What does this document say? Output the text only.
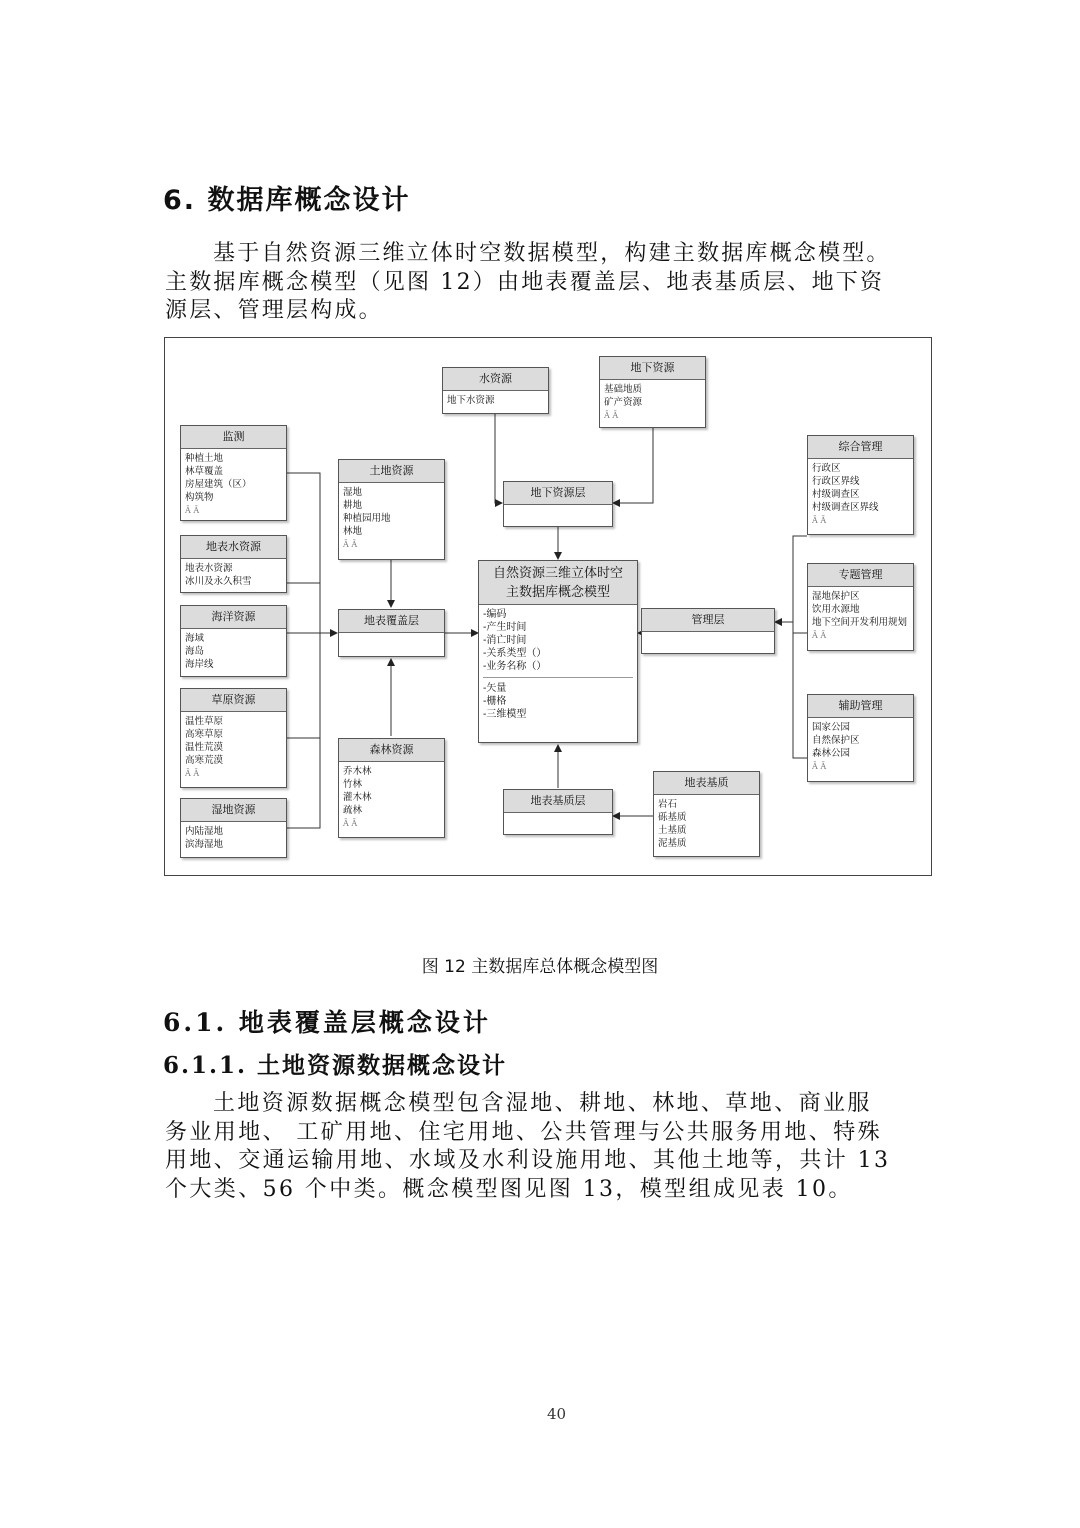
6. 数据库概念设计
基于自然资源三维立体时空数据模型，构建主数据库概念模型。
主数据库概念模型（见图 12）由地表覆盖层、地表基质层、地下资
源层、管理层构成。
监测
种植土地
林草覆盖
房屋建筑（区）
构筑物
Ā Ā
地表水资源
地表水资源
冰川及永久积雪
海洋资源
海域
海岛
海岸线
草原资源
温性草原
高寒草原
温性荒漠
高寒荒漠
Ā Ā
湿地资源
内陆湿地
滨海湿地
土地资源
湿地
耕地
种植园用地
林地
Ā Ā
地表覆盖层
森林资源
乔木林
竹林
灌木林
疏林
Ā Ā
水资源
地下水资源
地下资源
基础地质
矿产资源
Ā Ā
地下资源层
自然资源三维立体时空
主数据库概念模型
-编码
-产生时间
-消亡时间
-关系类型（）
-业务名称（）
-矢量
-栅格
-三维模型
管理层
综合管理
行政区
行政区界线
村级调查区
村级调查区界线
Ā Ā
专题管理
湿地保护区
饮用水源地
地下空间开发利用规划
Ā Ā
辅助管理
国家公园
自然保护区
森林公园
Ā Ā
地表基质层
地表基质
岩石
砾基质
土基质
泥基质
图 12 主数据库总体概念模型图
6.1. 地表覆盖层概念设计
6.1.1. 土地资源数据概念设计
土地资源数据概念模型包含湿地、耕地、林地、草地、商业服
务业用地、 工矿用地、住宅用地、公共管理与公共服务用地、特殊
用地、交通运输用地、水域及水利设施用地、其他土地等，共计 13
个大类、56 个中类。概念模型图见图 13，模型组成见表 10。
40
